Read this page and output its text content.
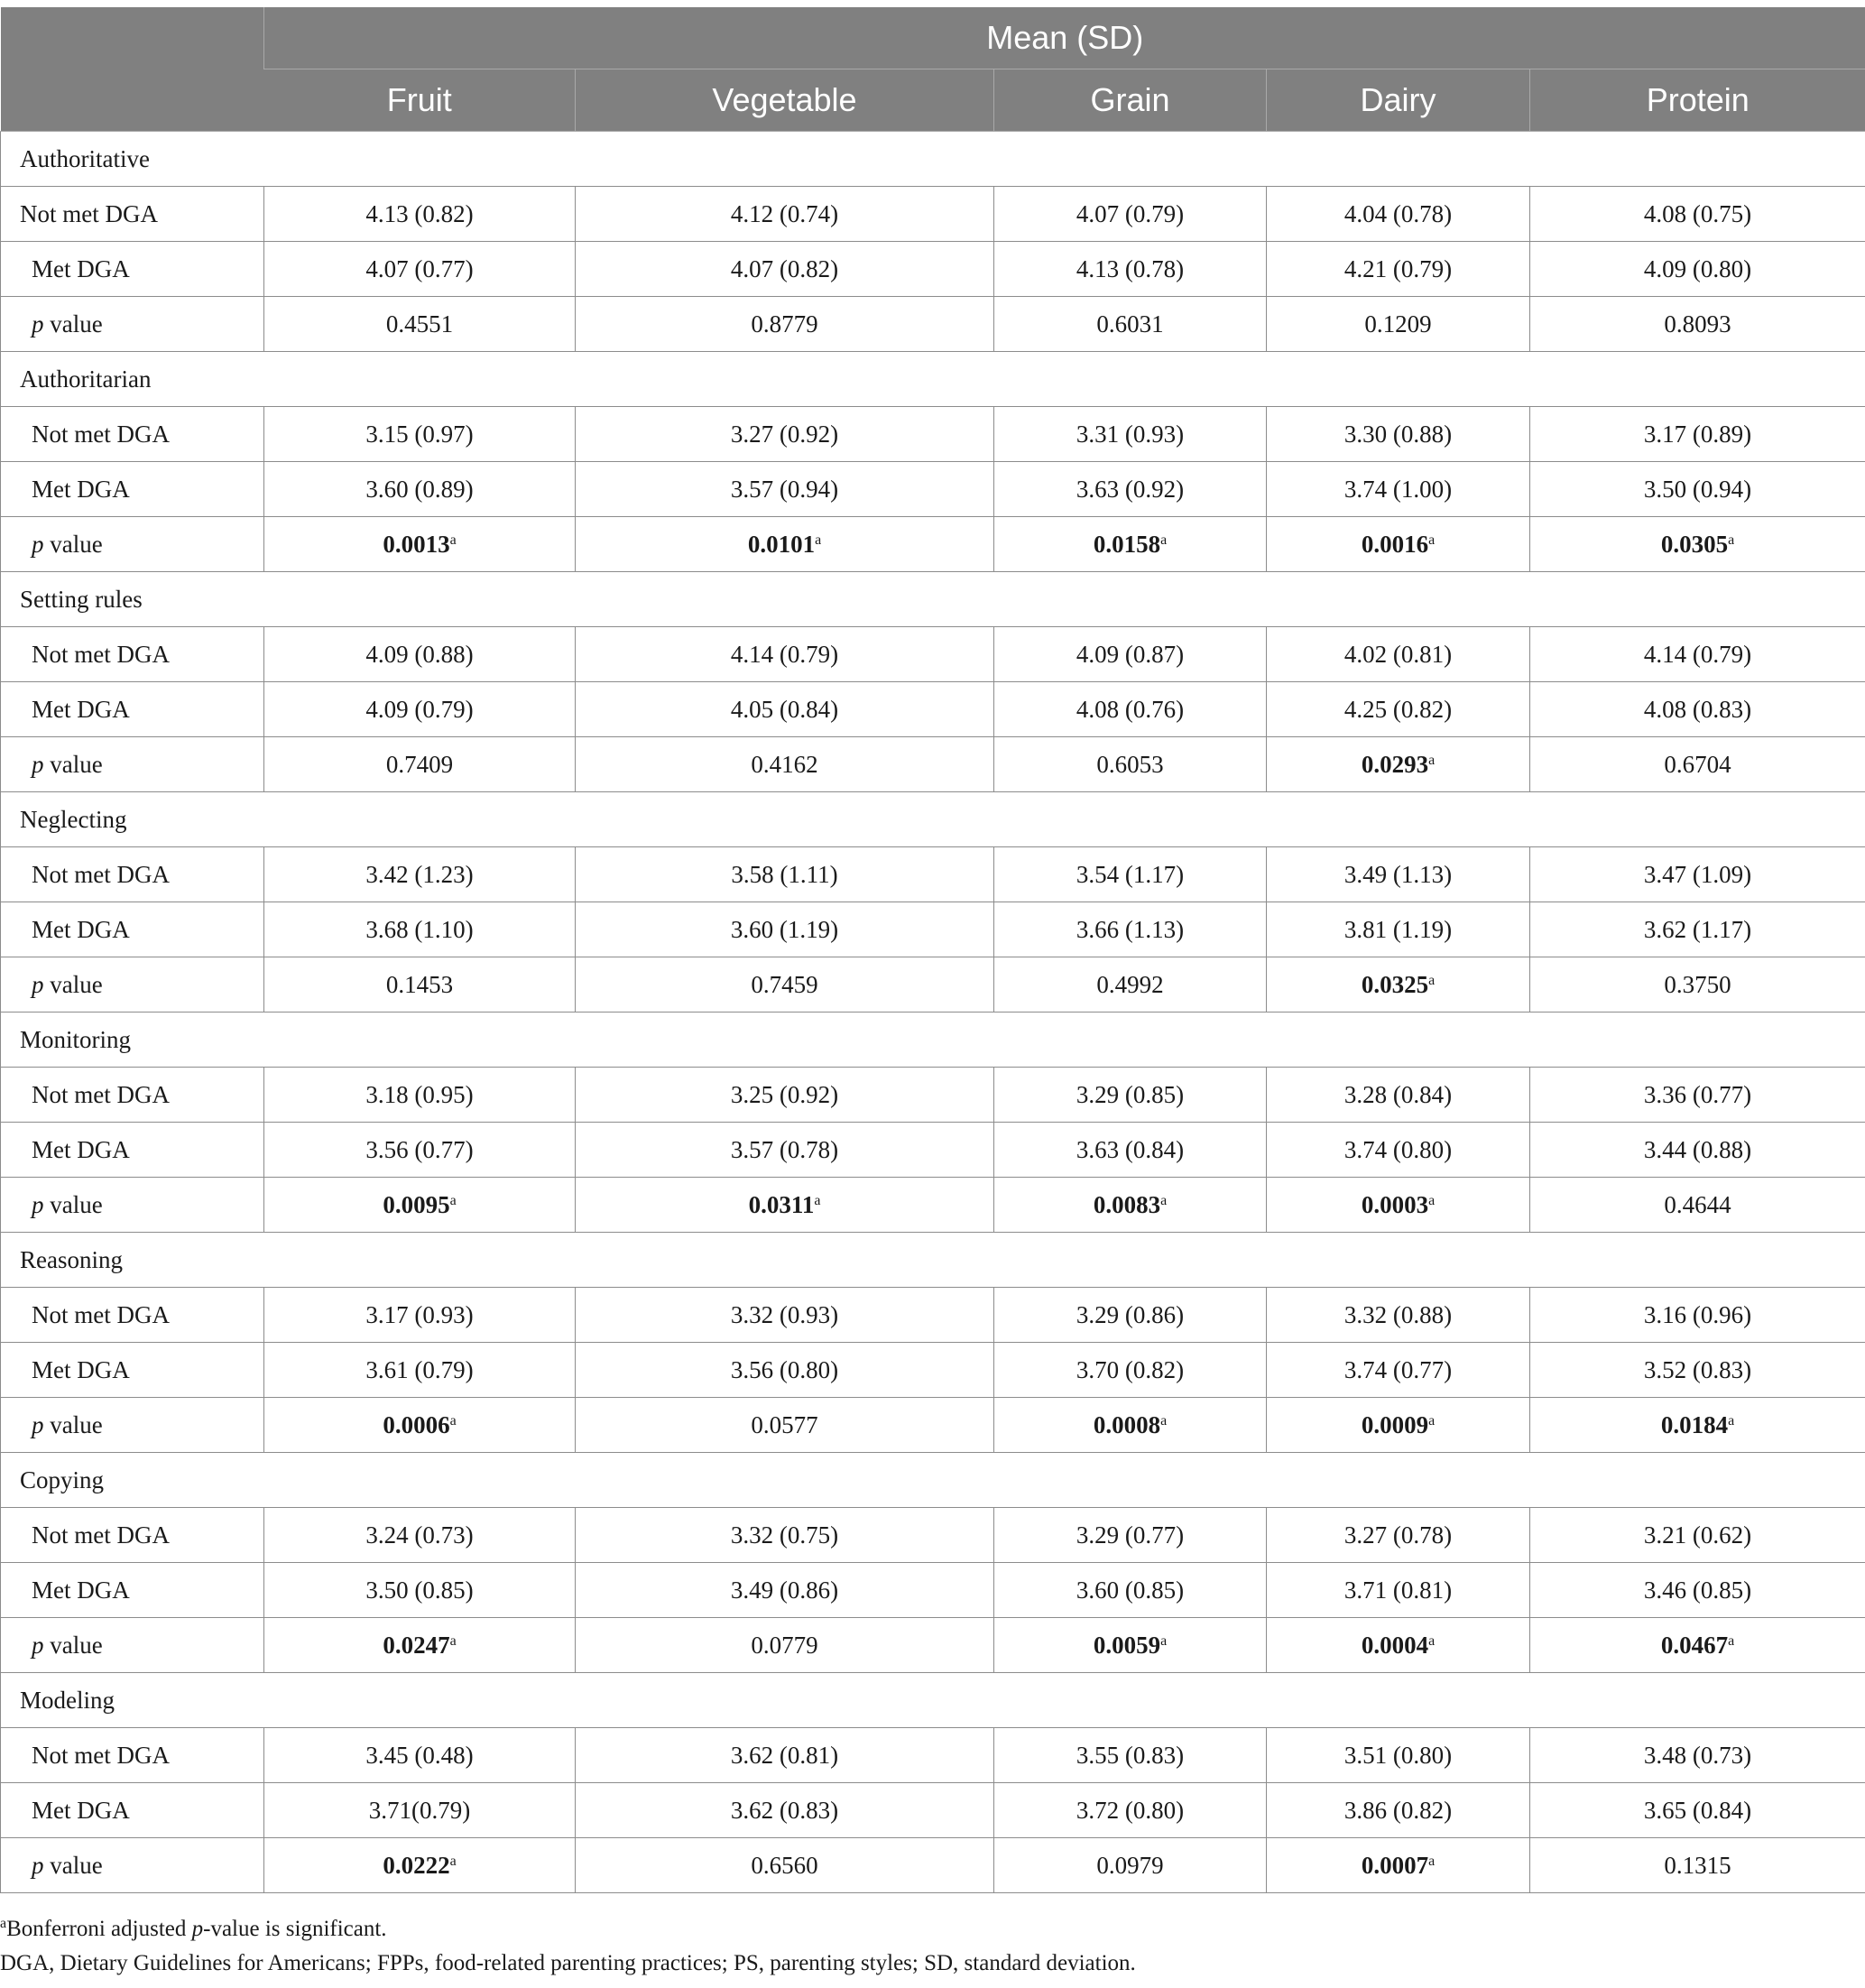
	Mean (SD)				
	Fruit	Vegetable	Grain	Dairy	Protein
Authoritative					
Not met DGA	4.13 (0.82)	4.12 (0.74)	4.07 (0.79)	4.04 (0.78)	4.08 (0.75)
Met DGA	4.07 (0.77)	4.07 (0.82)	4.13 (0.78)	4.21 (0.79)	4.09 (0.80)
p value	0.4551	0.8779	0.6031	0.1209	0.8093
Authoritarian					
Not met DGA	3.15 (0.97)	3.27 (0.92)	3.31 (0.93)	3.30 (0.88)	3.17 (0.89)
Met DGA	3.60 (0.89)	3.57 (0.94)	3.63 (0.92)	3.74 (1.00)	3.50 (0.94)
p value	0.0013$^a$	0.0101$^a$	0.0158$^a$	0.0016$^a$	0.0305$^a$
Setting rules					
Not met DGA	4.09 (0.88)	4.14 (0.79)	4.09 (0.87)	4.02 (0.81)	4.14 (0.79)
Met DGA	4.09 (0.79)	4.05 (0.84)	4.08 (0.76)	4.25 (0.82)	4.08 (0.83)
p value	0.7409	0.4162	0.6053	0.0293$^a$	0.6704
Neglecting					
Not met DGA	3.42 (1.23)	3.58 (1.11)	3.54 (1.17)	3.49 (1.13)	3.47 (1.09)
Met DGA	3.68 (1.10)	3.60 (1.19)	3.66 (1.13)	3.81 (1.19)	3.62 (1.17)
p value	0.1453	0.7459	0.4992	0.0325$^a$	0.3750
Monitoring					
Not met DGA	3.18 (0.95)	3.25 (0.92)	3.29 (0.85)	3.28 (0.84)	3.36 (0.77)
Met DGA	3.56 (0.77)	3.57 (0.78)	3.63 (0.84)	3.74 (0.80)	3.44 (0.88)
p value	0.0095$^a$	0.0311$^a$	0.0083$^a$	0.0003$^a$	0.4644
Reasoning					
Not met DGA	3.17 (0.93)	3.32 (0.93)	3.29 (0.86)	3.32 (0.88)	3.16 (0.96)
Met DGA	3.61 (0.79)	3.56 (0.80)	3.70 (0.82)	3.74 (0.77)	3.52 (0.83)
p value	0.0006$^a$	0.0577	0.0008$^a$	0.0009$^a$	0.0184$^a$
Copying					
Not met DGA	3.24 (0.73)	3.32 (0.75)	3.29 (0.77)	3.27 (0.78)	3.21 (0.62)
Met DGA	3.50 (0.85)	3.49 (0.86)	3.60 (0.85)	3.71 (0.81)	3.46 (0.85)
p value	0.0247$^a$	0.0779	0.0059$^a$	0.0004$^a$	0.0467$^a$
Modeling					
Not met DGA	3.45 (0.48)	3.62 (0.81)	3.55 (0.83)	3.51 (0.80)	3.48 (0.73)
Met DGA	3.71(0.79)	3.62 (0.83)	3.72 (0.80)	3.86 (0.82)	3.65 (0.84)
p value	0.0222$^a$	0.6560	0.0979	0.0007$^a$	0.1315

$^a$Bonferroni adjusted p-value is significant.

DGA, Dietary Guidelines for Americans; FPPs, food-related parenting practices; PS, parenting styles; SD, standard deviation.
